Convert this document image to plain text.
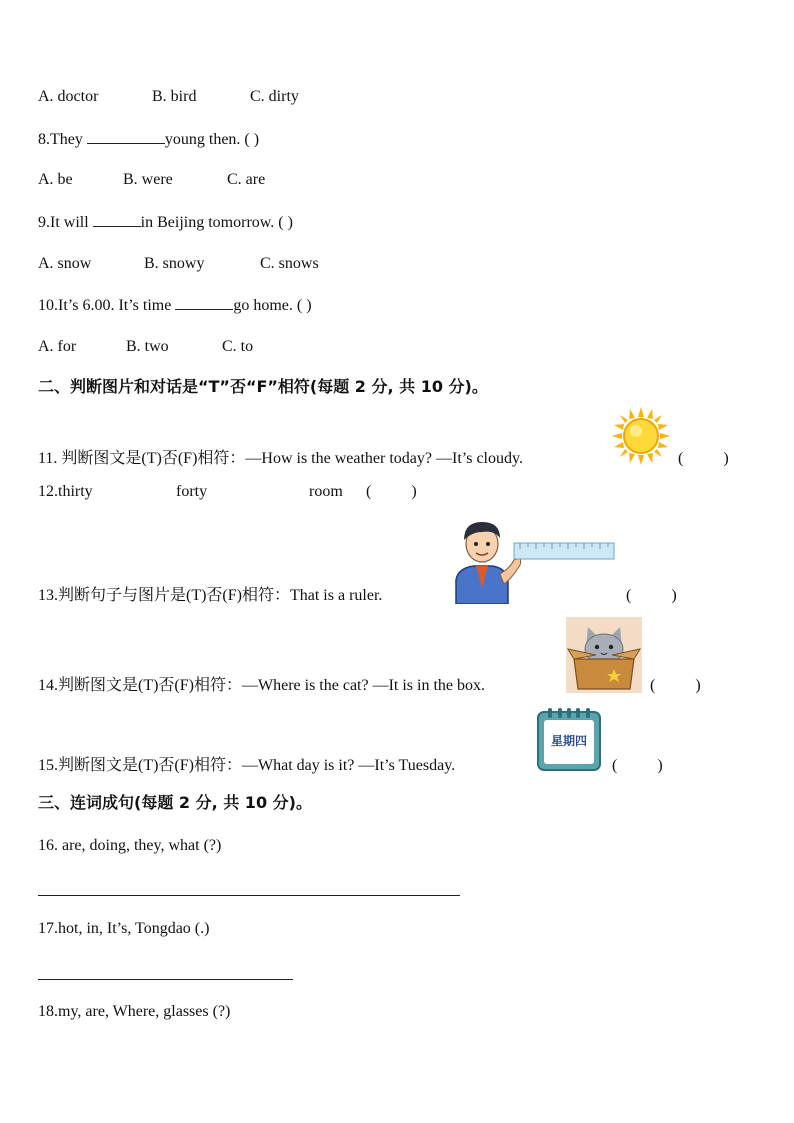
A. doctor	B. bird	C. dirty
8.They	young then. ( )
A. be	B. were	C. are
9.It will	in Beijing tomorrow. ( )
A. snow	B. snowy	C. snows
10.It’s 6.00. It’s time	go home. ( )
A. for	B. two	C. to
二、判断图片和对话是“T”否“F”相符(每题 2 分, 共 10 分)。
11. 判断图文是(T)否(F)相符：—How is the weather today? —It’s cloudy.	(          )
12.thirty	forty	room (          )
13.判断句子与图片是(T)否(F)相符：That is a ruler.	(          )
14.判断图文是(T)否(F)相符：—Where is the cat? —It is in the box.	(          )
15.判断图文是(T)否(F)相符：—What day is it? —It’s Tuesday.
星期四
(          )
三、连词成句(每题 2 分, 共 10 分)。
16. are, doing, they, what (?)
17.hot, in, It’s, Tongdao (.)
18.my, are, Where, glasses (?)
